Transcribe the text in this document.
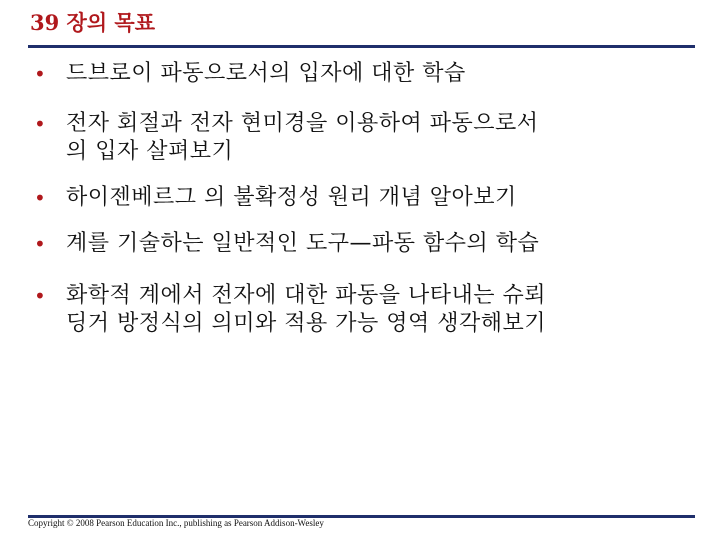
39 장의 목표
• 드브로이 파동으로서의 입자에 대한 학습
• 전자 회절과 전자 현미경을 이용하여 파동으로서
의 입자 살펴보기
• 하이젠베르그 의 불확정성 원리 개념 알아보기
• 계를 기술하는 일반적인 도구—파동 함수의 학습
• 화학적 계에서 전자에 대한 파동을 나타내는 슈뢰
딩거 방정식의 의미와 적용 가능 영역 생각해보기
Copyright © 2008 Pearson Education Inc., publishing as Pearson Addison-Wesley
